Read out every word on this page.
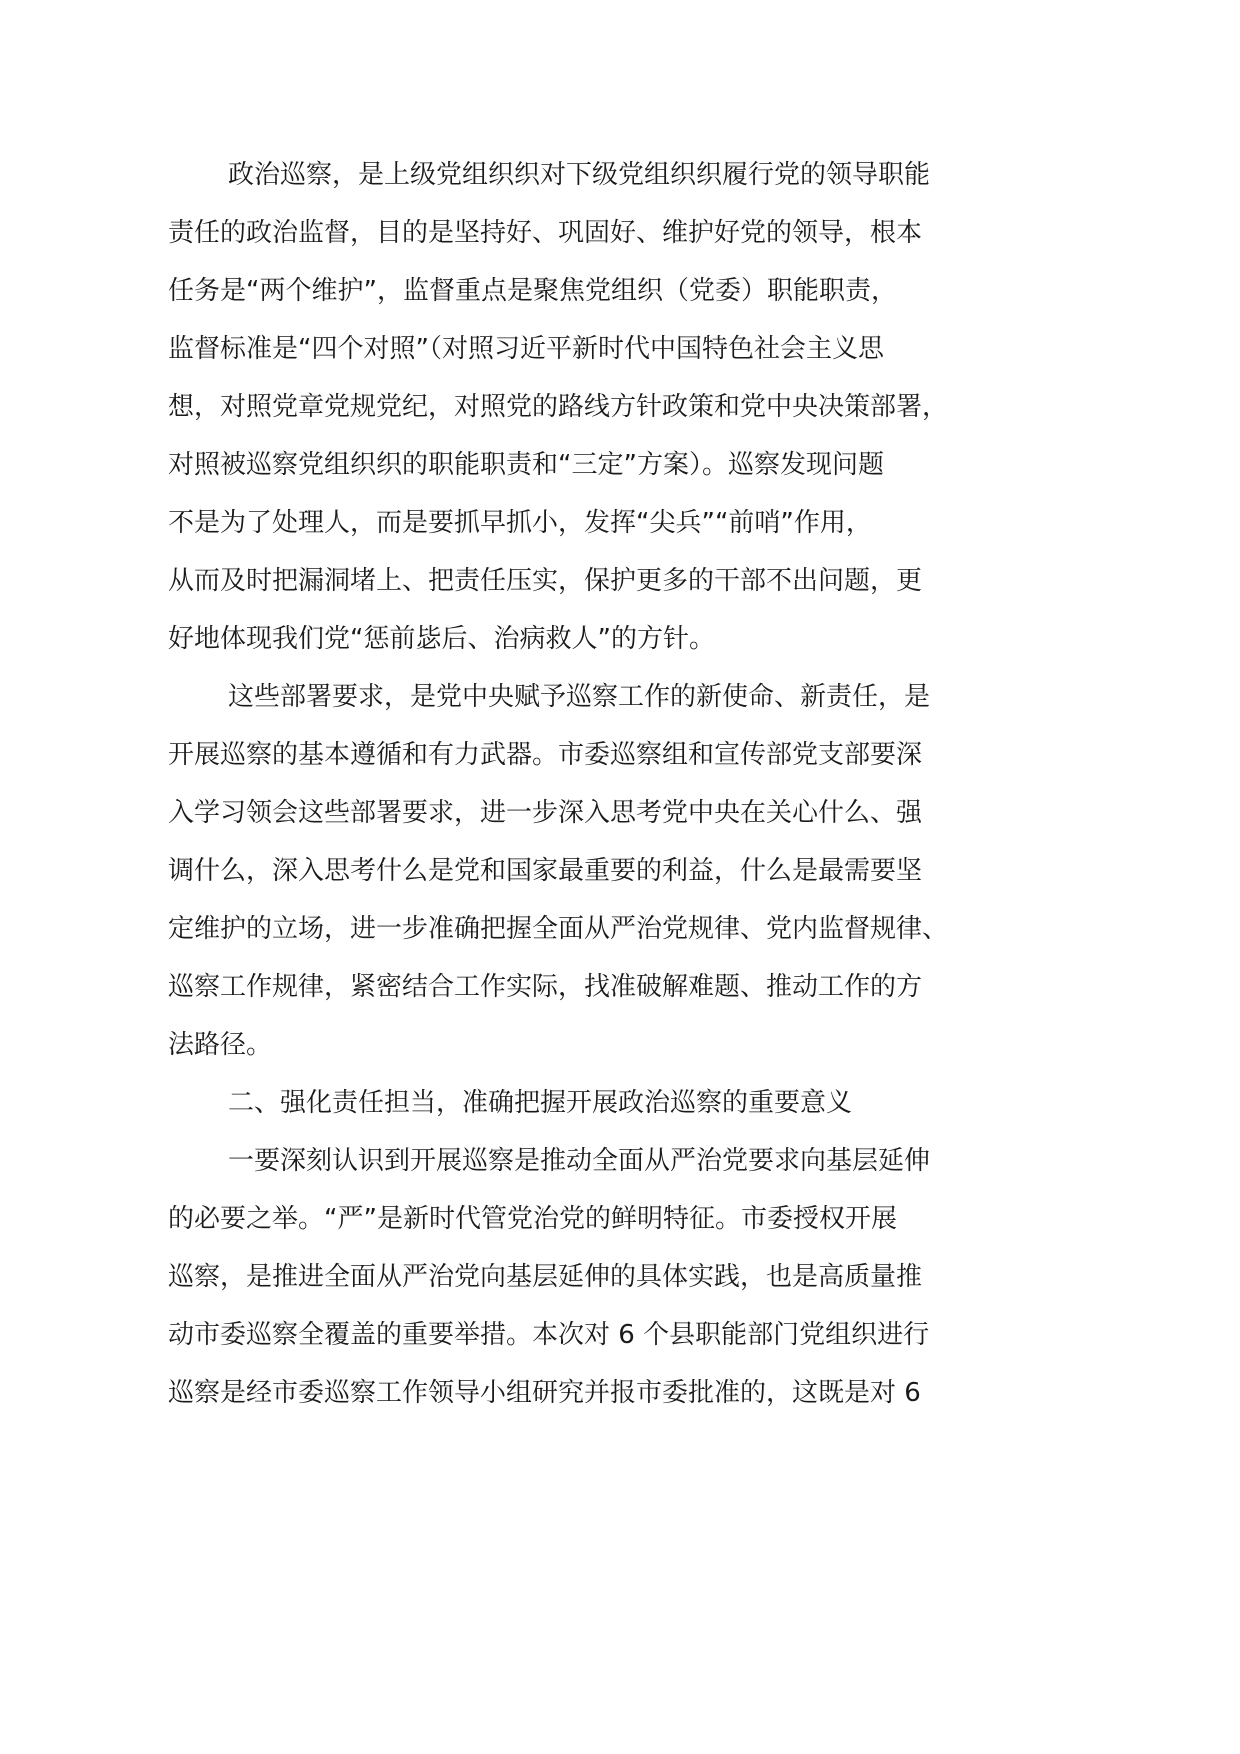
政治巡察，是上级党组织织对下级党组织织履行党的领导职能
责任的政治监督，目的是坚持好、巩固好、维护好党的领导，根本
任务是“两个维护”，监督重点是聚焦党组织（党委）职能职责，
监督标准是“四个对照”（对照习近平新时代中国特色社会主义思
想，对照党章党规党纪，对照党的路线方针政策和党中央决策部署，
对照被巡察党组织织的职能职责和“三定”方案）。巡察发现问题
不是为了处理人，而是要抓早抓小，发挥“尖兵”“前哨”作用，
从而及时把漏洞堵上、把责任压实，保护更多的干部不出问题，更
好地体现我们党“惩前毖后、治病救人”的方针。
这些部署要求，是党中央赋予巡察工作的新使命、新责任，是
开展巡察的基本遵循和有力武器。市委巡察组和宣传部党支部要深
入学习领会这些部署要求，进一步深入思考党中央在关心什么、强
调什么，深入思考什么是党和国家最重要的利益，什么是最需要坚
定维护的立场，进一步准确把握全面从严治党规律、党内监督规律、
巡察工作规律，紧密结合工作实际，找准破解难题、推动工作的方
法路径。
二、强化责任担当，准确把握开展政治巡察的重要意义
一要深刻认识到开展巡察是推动全面从严治党要求向基层延伸
的必要之举。“严”是新时代管党治党的鲜明特征。市委授权开展
巡察，是推进全面从严治党向基层延伸的具体实践，也是高质量推
动市委巡察全覆盖的重要举措。本次对 6 个县职能部门党组织进行
巡察是经市委巡察工作领导小组研究并报市委批准的，这既是对 6
